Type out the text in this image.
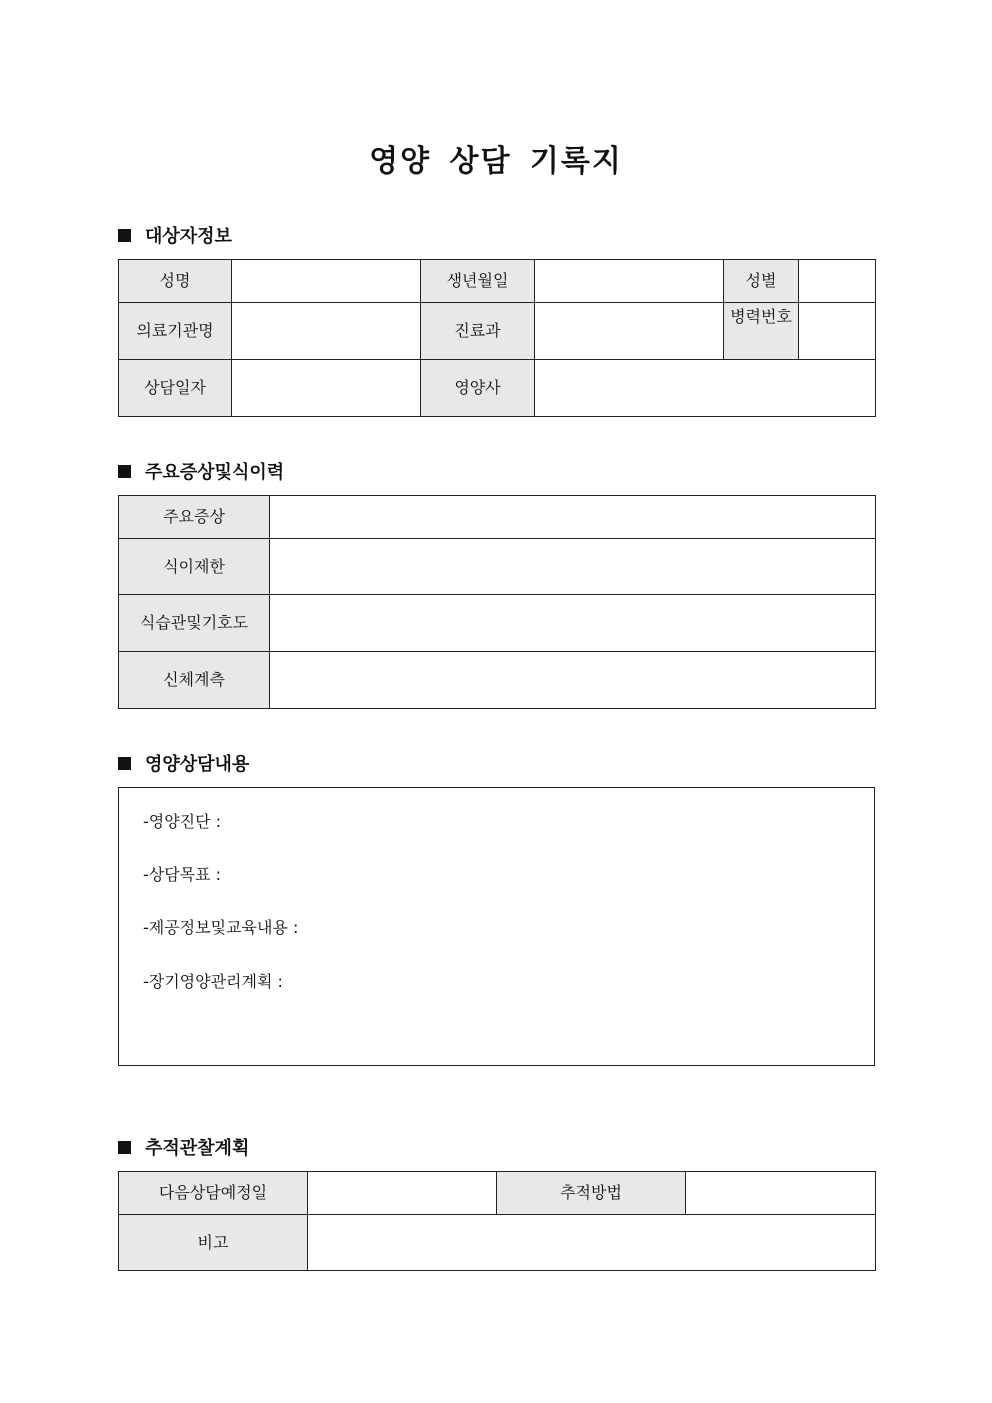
영양 상담 기록지
대상자정보
성명		생년월일		성별	
의료기관명		진료과		병력번호	
상담일자		영양사			
주요증상및식이력
주요증상	
식이제한	
식습관및기호도	
신체계측	
영양상담내용
-영양진단 :
-상담목표 :
-제공정보및교육내용 :
-장기영양관리계획 :
추적관찰계획
다음상담예정일		추적방법	
비고			
